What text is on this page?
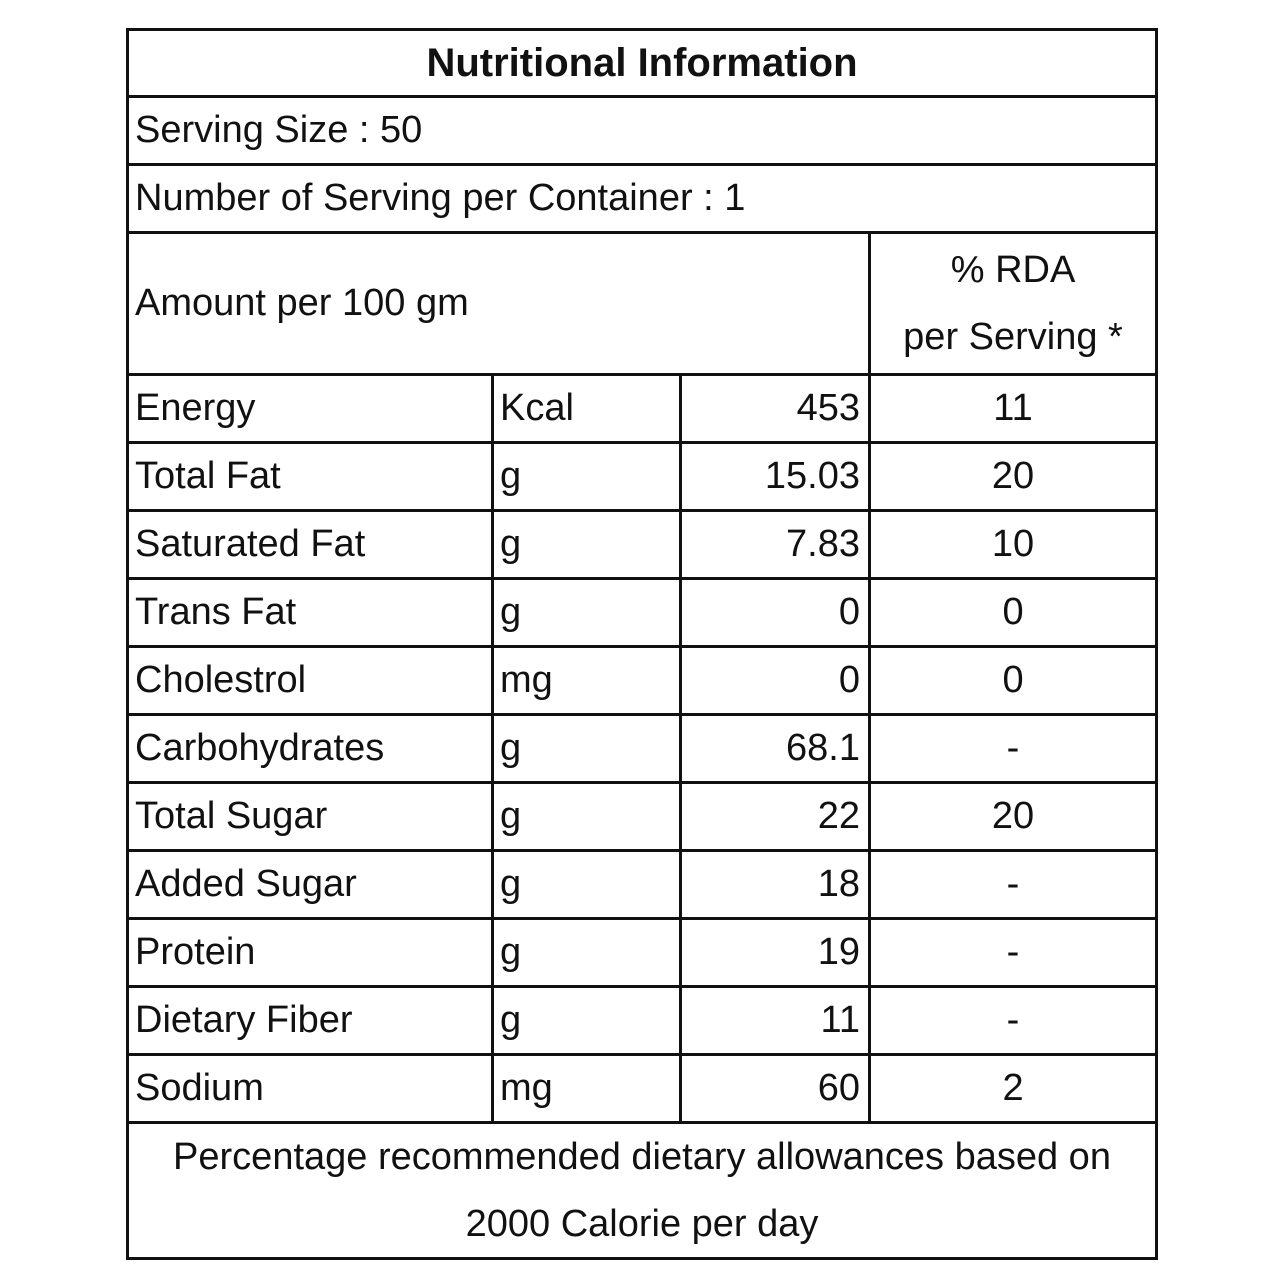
Nutritional Information			
Serving Size : 50			
Number of Serving per Container : 1			
Amount per 100 gm			% RDA
per Serving *

Energy	Kcal	453	11
Total Fat	g	15.03	20
Saturated Fat	g	7.83	10
Trans Fat	g	0	0
Cholestrol	mg	0	0
Carbohydrates	g	68.1	-
Total Sugar	g	22	20
Added Sugar	g	18	-
Protein	g	19	-
Dietary Fiber	g	11	-
Sodium	mg	60	2

Percentage recommended dietary allowances based on
2000 Calorie per day			
